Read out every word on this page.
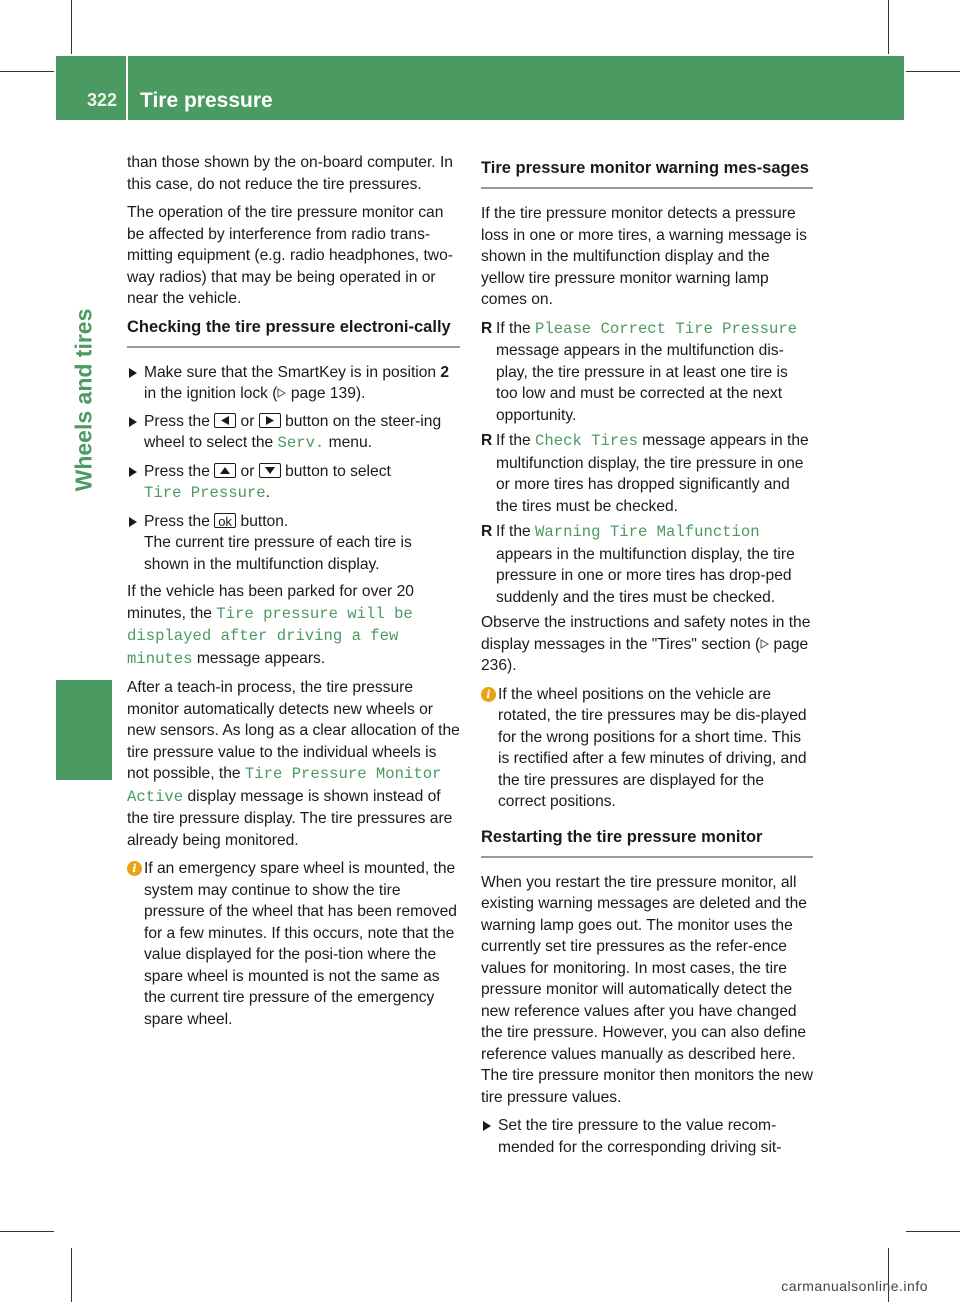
322 Tire pressure
Wheels and tires

than those shown by the on-board computer. In this case, do not reduce the tire pressures.

The operation of the tire pressure monitor can be affected by interference from radio trans-mitting equipment (e.g. radio headphones, two-way radios) that may be being operated in or near the vehicle.

Checking the tire pressure electroni-cally
Make sure that the SmartKey is in position 2 in the ignition lock ( page 139).
Press the
or
button on the steer-ing wheel to select the Serv. menu.
Press the
or
button to select
Tire Pressure.
Press the ok button.
The current tire pressure of each tire is shown in the multifunction display.

If the vehicle has been parked for over 20 minutes, the Tire pressure will be displayed after driving a few minutes message appears.

After a teach-in process, the tire pressure monitor automatically detects new wheels or new sensors. As long as a clear allocation of the tire pressure value to the individual wheels is not possible, the Tire Pressure Monitor Active display message is shown instead of the tire pressure display. The tire pressures are already being monitored.

i If an emergency spare wheel is mounted, the system may continue to show the tire pressure of the wheel that has been removed for a few minutes. If this occurs, note that the value displayed for the posi-tion where the spare wheel is mounted is not the same as the current tire pressure of the emergency spare wheel.
Tire pressure monitor warning mes-sages

If the tire pressure monitor detects a pressure loss in one or more tires, a warning message is shown in the multifunction display and the yellow tire pressure monitor warning lamp comes on.

R If the Please Correct Tire Pressure message appears in the multifunction dis-play, the tire pressure in at least one tire is too low and must be corrected at the next opportunity.
R If the Check Tires message appears in the multifunction display, the tire pressure in one or more tires has dropped significantly and the tires must be checked.
R If the Warning Tire Malfunction appears in the multifunction display, the tire pressure in one or more tires has drop-ped suddenly and the tires must be checked.

Observe the instructions and safety notes in the display messages in the "Tires" section ( page 236).

i If the wheel positions on the vehicle are rotated, the tire pressures may be dis-played for the wrong positions for a short time. This is rectified after a few minutes of driving, and the tire pressures are displayed for the correct positions.
Restarting the tire pressure monitor

When you restart the tire pressure monitor, all existing warning messages are deleted and the warning lamp goes out. The monitor uses the currently set tire pressures as the refer-ence values for monitoring. In most cases, the tire pressure monitor will automatically detect the new reference values after you have changed the tire pressure. However, you can also define reference values manually as described here. The tire pressure monitor then monitors the new tire pressure values.

Set the tire pressure to the value recom-mended for the corresponding driving sit-
carmanualsonline.info
